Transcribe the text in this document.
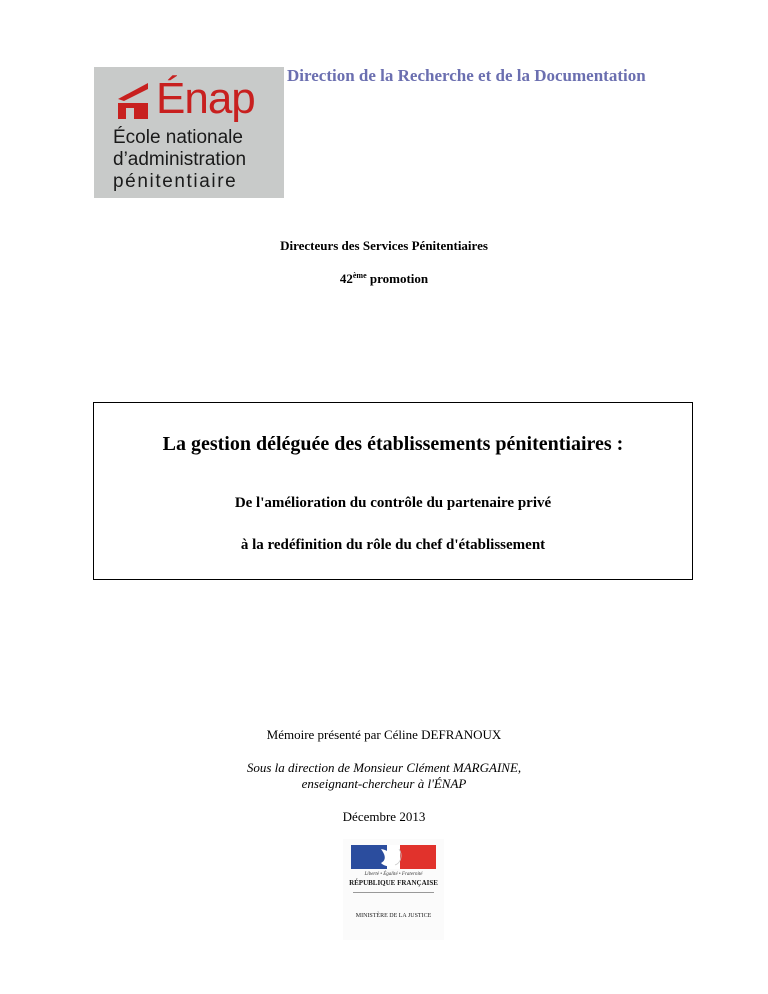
Énap
École nationale
d’administration
pénitentiaire
Direction de la Recherche et de la Documentation
Directeurs des Services Pénitentiaires
42ème promotion
La gestion déléguée des établissements pénitentiaires :
De l'amélioration du contrôle du partenaire privé
à la redéfinition du rôle du chef d'établissement
Mémoire présenté par Céline DEFRANOUX
Sous la direction de Monsieur Clément MARGAINE,
enseignant-chercheur à l'ÉNAP
Décembre 2013
Liberté • Égalité • Fraternité
RÉPUBLIQUE FRANÇAISE
MINISTÈRE DE LA JUSTICE
